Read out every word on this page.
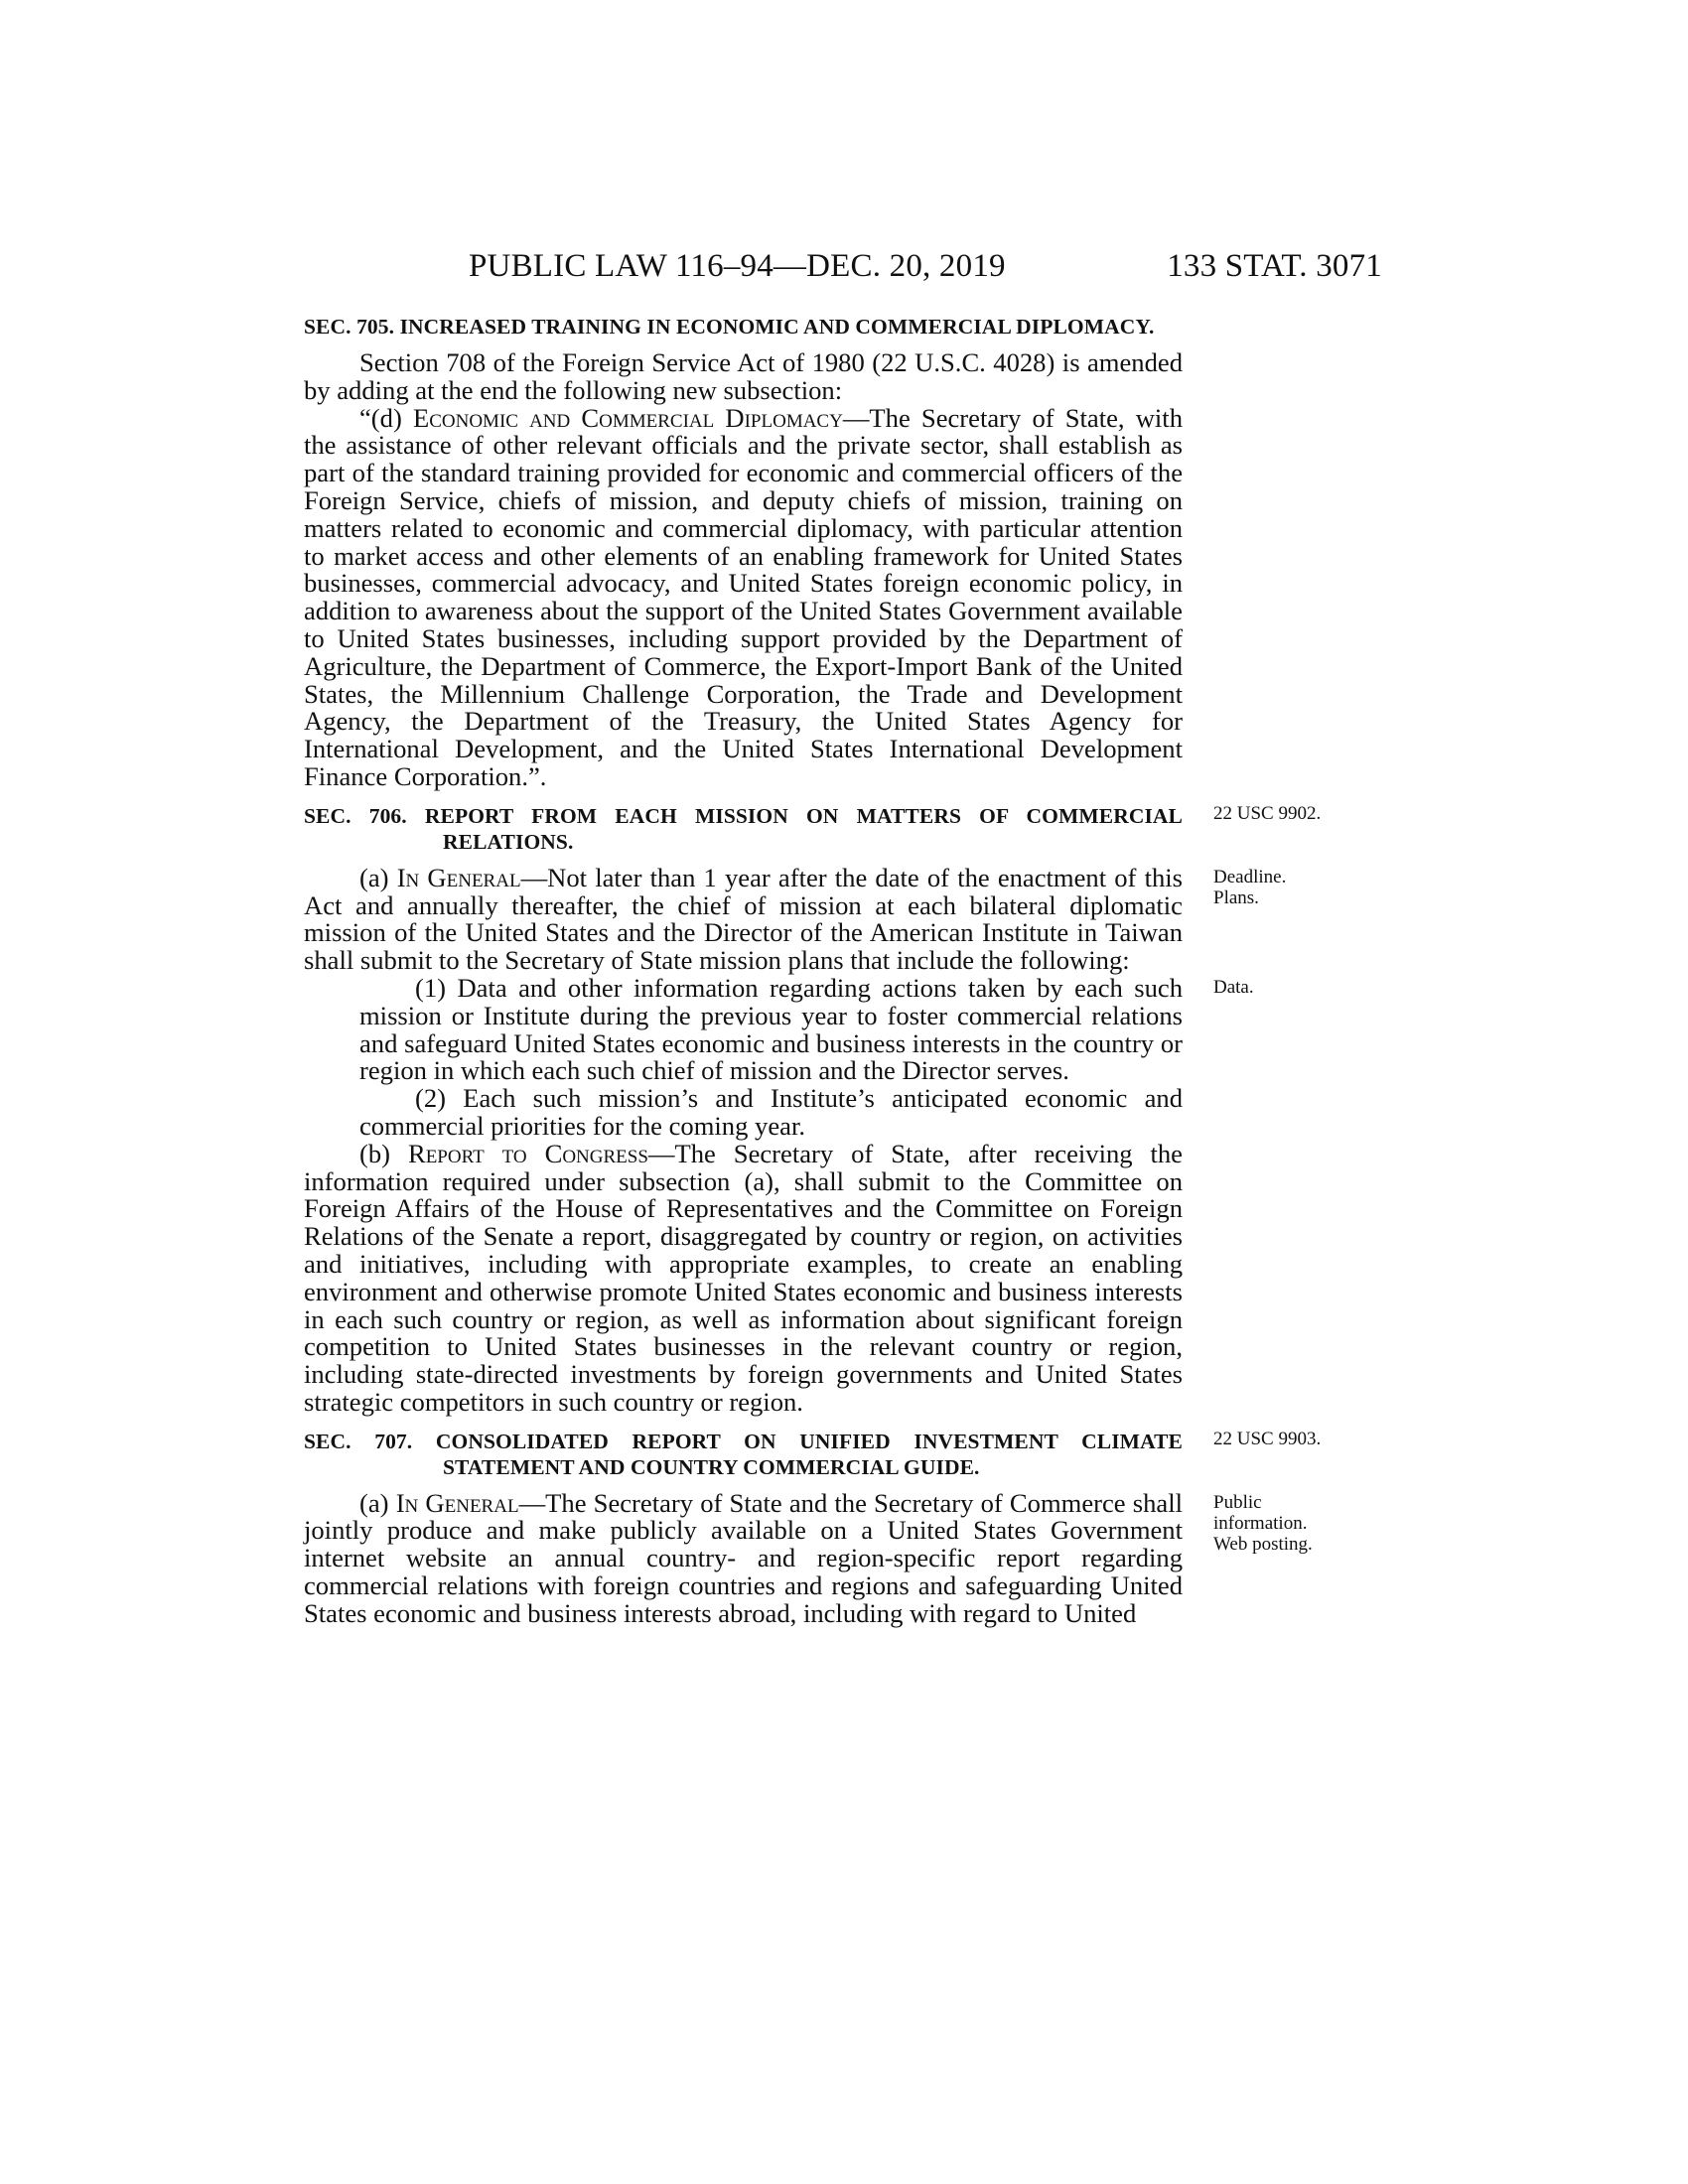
PUBLIC LAW 116–94—DEC. 20, 2019	133 STAT. 3071

SEC. 705. INCREASED TRAINING IN ECONOMIC AND COMMERCIAL DIPLOMACY.

Section 708 of the Foreign Service Act of 1980 (22 U.S.C. 4028) is amended by adding at the end the following new subsection:

“(d) Economic and Commercial Diplomacy—The Secretary of State, with the assistance of other relevant officials and the private sector, shall establish as part of the standard training provided for economic and commercial officers of the Foreign Service, chiefs of mission, and deputy chiefs of mission, training on matters related to economic and commercial diplomacy, with particular attention to market access and other elements of an enabling framework for United States businesses, commercial advocacy, and United States foreign economic policy, in addition to awareness about the support of the United States Government available to United States businesses, including support provided by the Department of Agriculture, the Department of Commerce, the Export-Import Bank of the United States, the Millennium Challenge Corporation, the Trade and Development Agency, the Department of the Treasury, the United States Agency for International Development, and the United States International Development Finance Corporation.”.

SEC. 706. REPORT FROM EACH MISSION ON MATTERS OF COMMERCIAL RELATIONS.

(a) In General—Not later than 1 year after the date of the enactment of this Act and annually thereafter, the chief of mission at each bilateral diplomatic mission of the United States and the Director of the American Institute in Taiwan shall submit to the Secretary of State mission plans that include the following:

(1) Data and other information regarding actions taken by each such mission or Institute during the previous year to foster commercial relations and safeguard United States economic and business interests in the country or region in which each such chief of mission and the Director serves.

(2) Each such mission’s and Institute’s anticipated economic and commercial priorities for the coming year.

(b) Report to Congress—The Secretary of State, after receiving the information required under subsection (a), shall submit to the Committee on Foreign Affairs of the House of Representatives and the Committee on Foreign Relations of the Senate a report, disaggregated by country or region, on activities and initiatives, including with appropriate examples, to create an enabling environment and otherwise promote United States economic and business interests in each such country or region, as well as information about significant foreign competition to United States businesses in the relevant country or region, including state-directed investments by foreign governments and United States strategic competitors in such country or region.

SEC. 707. CONSOLIDATED REPORT ON UNIFIED INVESTMENT CLIMATE STATEMENT AND COUNTRY COMMERCIAL GUIDE.

(a) In General—The Secretary of State and the Secretary of Commerce shall jointly produce and make publicly available on a United States Government internet website an annual country- and region-specific report regarding commercial relations with foreign countries and regions and safeguarding United States economic and business interests abroad, including with regard to United

22 USC 9902.
Deadline.
Plans.
Data.
22 USC 9903.
Public
information.
Web posting.
